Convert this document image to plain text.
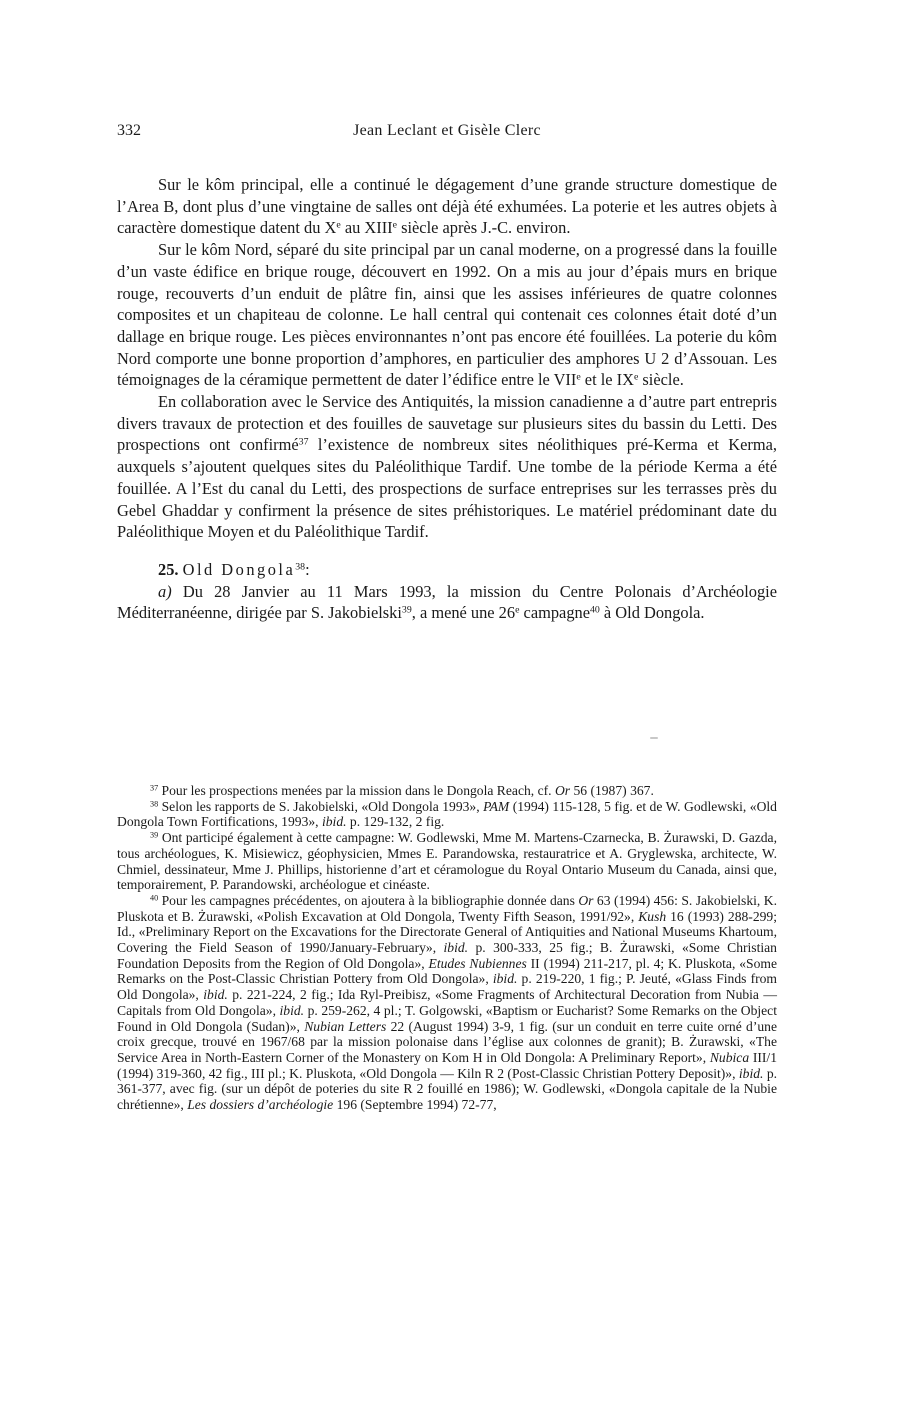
332	Jean Leclant et Gisèle Clerc

Sur le kôm principal, elle a continué le dégagement d’une grande structure domestique de l’Area B, dont plus d’une vingtaine de salles ont déjà été exhumées. La poterie et les autres objets à caractère domestique datent du Xe au XIIIe siècle après J.-C. environ.

Sur le kôm Nord, séparé du site principal par un canal moderne, on a progressé dans la fouille d’un vaste édifice en brique rouge, découvert en 1992. On a mis au jour d’épais murs en brique rouge, recouverts d’un enduit de plâtre fin, ainsi que les assises inférieures de quatre colonnes composites et un chapiteau de colonne. Le hall central qui contenait ces colonnes était doté d’un dallage en brique rouge. Les pièces environnantes n’ont pas encore été fouillées. La poterie du kôm Nord comporte une bonne proportion d’amphores, en particulier des amphores U 2 d’Assouan. Les témoignages de la céramique permettent de dater l’édifice entre le VIIe et le IXe siècle.

En collaboration avec le Service des Antiquités, la mission canadienne a d’autre part entrepris divers travaux de protection et des fouilles de sauvetage sur plusieurs sites du bassin du Letti. Des prospections ont confirmé$^{37}$ l’existence de nombreux sites néolithiques pré-Kerma et Kerma, auxquels s’ajoutent quelques sites du Paléolithique Tardif. Une tombe de la période Kerma a été fouillée. A l’Est du canal du Letti, des prospections de surface entreprises sur les terrasses près du Gebel Ghaddar y confirment la présence de sites préhistoriques. Le matériel prédominant date du Paléolithique Moyen et du Paléolithique Tardif.

25. Old Dongola$^{38}$:

a) Du 28 Janvier au 11 Mars 1993, la mission du Centre Polonais d’Archéologie Méditerranéenne, dirigée par S. Jakobielski$^{39}$, a mené une 26e campagne$^{40}$ à Old Dongola.

$^{37}$ Pour les prospections menées par la mission dans le Dongola Reach, cf. Or 56 (1987) 367.

$^{38}$ Selon les rapports de S. Jakobielski, «Old Dongola 1993», PAM (1994) 115-128, 5 fig. et de W. Godlewski, «Old Dongola Town Fortifications, 1993», ibid. p. 129-132, 2 fig.

$^{39}$ Ont participé également à cette campagne: W. Godlewski, Mme M. Martens-Czarnecka, B. Żurawski, D. Gazda, tous archéologues, K. Misiewicz, géophysicien, Mmes E. Parandowska, restauratrice et A. Gryglewska, architecte, W. Chmiel, dessinateur, Mme J. Phillips, historienne d’art et céramologue du Royal Ontario Museum du Canada, ainsi que, temporairement, P. Parandowski, archéologue et cinéaste.

$^{40}$ Pour les campagnes précédentes, on ajoutera à la bibliographie donnée dans Or 63 (1994) 456: S. Jakobielski, K. Pluskota et B. Żurawski, «Polish Excavation at Old Dongola, Twenty Fifth Season, 1991/92», Kush 16 (1993) 288-299; Id., «Preliminary Report on the Excavations for the Directorate General of Antiquities and National Museums Khartoum, Covering the Field Season of 1990/January-February», ibid. p. 300-333, 25 fig.; B. Żurawski, «Some Christian Foundation Deposits from the Region of Old Dongola», Etudes Nubiennes II (1994) 211-217, pl. 4; K. Pluskota, «Some Remarks on the Post-Classic Christian Pottery from Old Dongola», ibid. p. 219-220, 1 fig.; P. Jeuté, «Glass Finds from Old Dongola», ibid. p. 221-224, 2 fig.; Ida Ryl-Preibisz, «Some Fragments of Architectural Decoration from Nubia — Capitals from Old Dongola», ibid. p. 259-262, 4 pl.; T. Golgowski, «Baptism or Eucharist? Some Remarks on the Object Found in Old Dongola (Sudan)», Nubian Letters 22 (August 1994) 3-9, 1 fig. (sur un conduit en terre cuite orné d’une croix grecque, trouvé en 1967/68 par la mission polonaise dans l’église aux colonnes de granit); B. Żurawski, «The Service Area in North-Eastern Corner of the Monastery on Kom H in Old Dongola: A Preliminary Report», Nubica III/1 (1994) 319-360, 42 fig., III pl.; K. Pluskota, «Old Dongola — Kiln R 2 (Post-Classic Christian Pottery Deposit)», ibid. p. 361-377, avec fig. (sur un dépôt de poteries du site R 2 fouillé en 1986); W. Godlewski, «Dongola capitale de la Nubie chrétienne», Les dossiers d’archéologie 196 (Septembre 1994) 72-77,
